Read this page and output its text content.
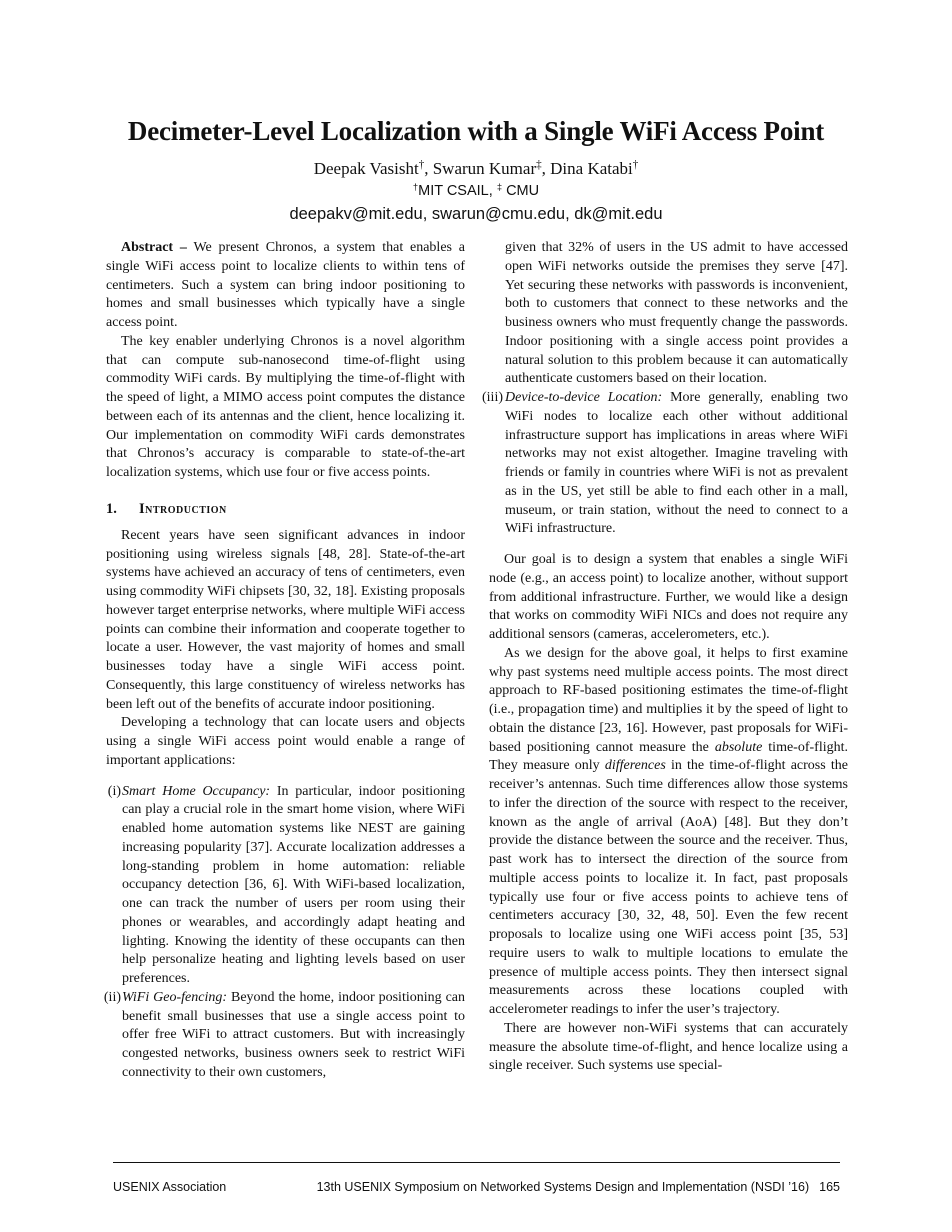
Decimeter-Level Localization with a Single WiFi Access Point
Deepak Vasisht†, Swarun Kumar‡, Dina Katabi†
†MIT CSAIL, ‡ CMU
deepakv@mit.edu, swarun@cmu.edu, dk@mit.edu

Abstract – We present Chronos, a system that enables a single WiFi access point to localize clients to within tens of centimeters. Such a system can bring indoor positioning to homes and small businesses which typically have a single access point.

The key enabler underlying Chronos is a novel algorithm that can compute sub-nanosecond time-of-flight using commodity WiFi cards. By multiplying the time-of-flight with the speed of light, a MIMO access point computes the distance between each of its antennas and the client, hence localizing it. Our implementation on commodity WiFi cards demonstrates that Chronos’s accuracy is comparable to state-of-the-art localization systems, which use four or five access points.

1. Introduction

Recent years have seen significant advances in indoor positioning using wireless signals [48, 28]. State-of-the-art systems have achieved an accuracy of tens of centimeters, even using commodity WiFi chipsets [30, 32, 18]. Existing proposals however target enterprise networks, where multiple WiFi access points can combine their information and cooperate together to locate a user. However, the vast majority of homes and small businesses today have a single WiFi access point. Consequently, this large constituency of wireless networks has been left out of the benefits of accurate indoor positioning.

Developing a technology that can locate users and objects using a single WiFi access point would enable a range of important applications:

(i) Smart Home Occupancy: In particular, indoor positioning can play a crucial role in the smart home vision, where WiFi enabled home automation systems like NEST are gaining increasing popularity [37]. Accurate localization addresses a long-standing problem in home automation: reliable occupancy detection [36, 6]. With WiFi-based localization, one can track the number of users per room using their phones or wearables, and accordingly adapt heating and lighting. Knowing the identity of these occupants can then help personalize heating and lighting levels based on user preferences.
(ii) WiFi Geo-fencing: Beyond the home, indoor positioning can benefit small businesses that use a single access point to offer free WiFi to attract customers. But with increasingly congested networks, business owners seek to restrict WiFi connectivity to their own customers,
given that 32% of users in the US admit to have accessed open WiFi networks outside the premises they serve [47]. Yet securing these networks with passwords is inconvenient, both to customers that connect to these networks and the business owners who must frequently change the passwords. Indoor positioning with a single access point provides a natural solution to this problem because it can automatically authenticate customers based on their location.
(iii) Device-to-device Location: More generally, enabling two WiFi nodes to localize each other without additional infrastructure support has implications in areas where WiFi networks may not exist altogether. Imagine traveling with friends or family in countries where WiFi is not as prevalent as in the US, yet still be able to find each other in a mall, museum, or train station, without the need to connect to a WiFi infrastructure.

Our goal is to design a system that enables a single WiFi node (e.g., an access point) to localize another, without support from additional infrastructure. Further, we would like a design that works on commodity WiFi NICs and does not require any additional sensors (cameras, accelerometers, etc.).

As we design for the above goal, it helps to first examine why past systems need multiple access points. The most direct approach to RF-based positioning estimates the time-of-flight (i.e., propagation time) and multiplies it by the speed of light to obtain the distance [23, 16]. However, past proposals for WiFi-based positioning cannot measure the absolute time-of-flight. They measure only differences in the time-of-flight across the receiver’s antennas. Such time differences allow those systems to infer the direction of the source with respect to the receiver, known as the angle of arrival (AoA) [48]. But they don’t provide the distance between the source and the receiver. Thus, past work has to intersect the direction of the source from multiple access points to localize it. In fact, past proposals typically use four or five access points to achieve tens of centimeters accuracy [30, 32, 48, 50]. Even the few recent proposals to localize using one WiFi access point [35, 53] require users to walk to multiple locations to emulate the presence of multiple access points. They then intersect signal measurements across these locations coupled with accelerometer readings to infer the user’s trajectory.

There are however non-WiFi systems that can accurately measure the absolute time-of-flight, and hence localize using a single receiver. Such systems use special-

USENIX Association	13th USENIX Symposium on Networked Systems Design and Implementation (NSDI ’16) 165
